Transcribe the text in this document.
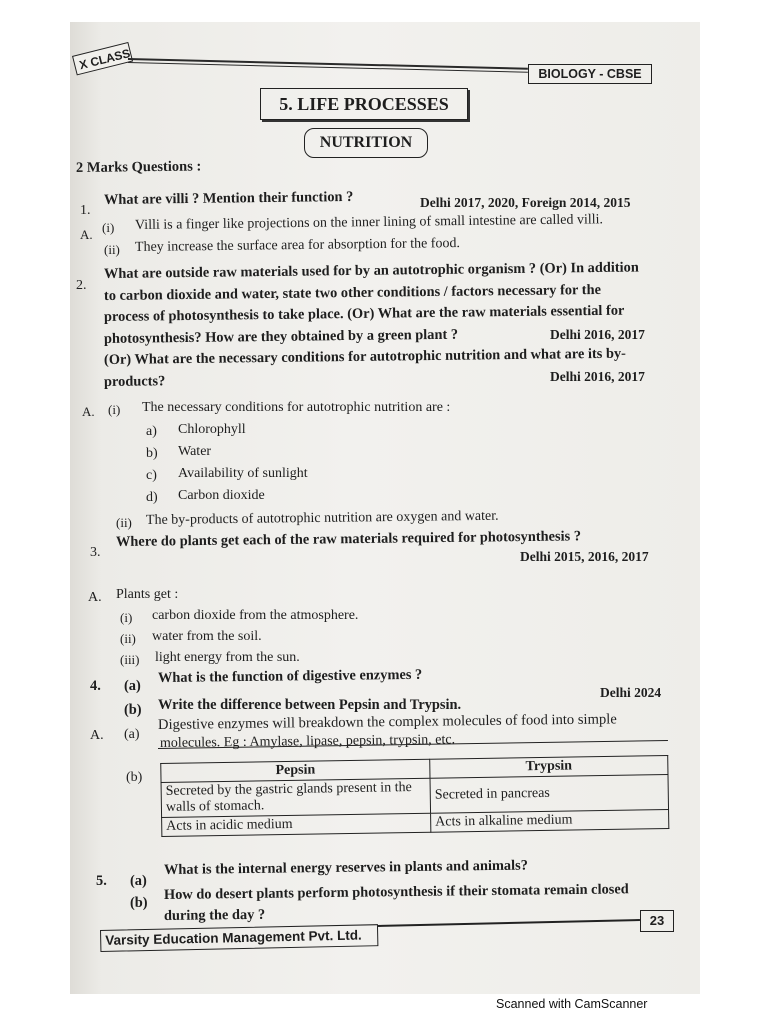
X CLASS
BIOLOGY - CBSE
5. LIFE PROCESSES
NUTRITION
2 Marks Questions :
1.
What are villi ? Mention their function ?	Delhi 2017, 2020, Foreign 2014, 2015
A. (i) Villi is a finger like projections on the inner lining of small intestine are called villi.
(ii) They increase the surface area for absorption for the food.
2.
What are outside raw materials used for by an autotrophic organism ? (Or) In addition
to carbon dioxide and water, state two other conditions / factors necessary for the
process of photosynthesis to take place. (Or) What are the raw materials essential for
photosynthesis? How are they obtained by a green plant ?	Delhi 2016, 2017
(Or) What are the necessary conditions for autotrophic nutrition and what are its by-
products?	Delhi 2016, 2017
A. (i) The necessary conditions for autotrophic nutrition are :
a) Chlorophyll
b) Water
c) Availability of sunlight
d) Carbon dioxide
(ii) The by-products of autotrophic nutrition are oxygen and water.
3.
Where do plants get each of the raw materials required for photosynthesis ?
Delhi 2015, 2016, 2017
A. Plants get :
(i) carbon dioxide from the atmosphere.
(ii) water from the soil.
(iii) light energy from the sun.
4. (a)
What is the function of digestive enzymes ?
(b) Write the difference between Pepsin and Trypsin.
Delhi 2024
A. (a)
Digestive enzymes will breakdown the complex molecules of food into simple
molecules. Eg : Amylase, lipase, pepsin, trypsin, etc.
(b)	Pepsin	Trypsin
Secreted by the gastric glands present in the walls of stomach.	Secreted in pancreas
Acts in acidic medium	Acts in alkaline medium
5. (a)
What is the internal energy reserves in plants and animals?
(b)
How do desert plants perform photosynthesis if their stomata remain closed
during the day ?
Varsity Education Management Pvt. Ltd.
23
Scanned with CamScanner
